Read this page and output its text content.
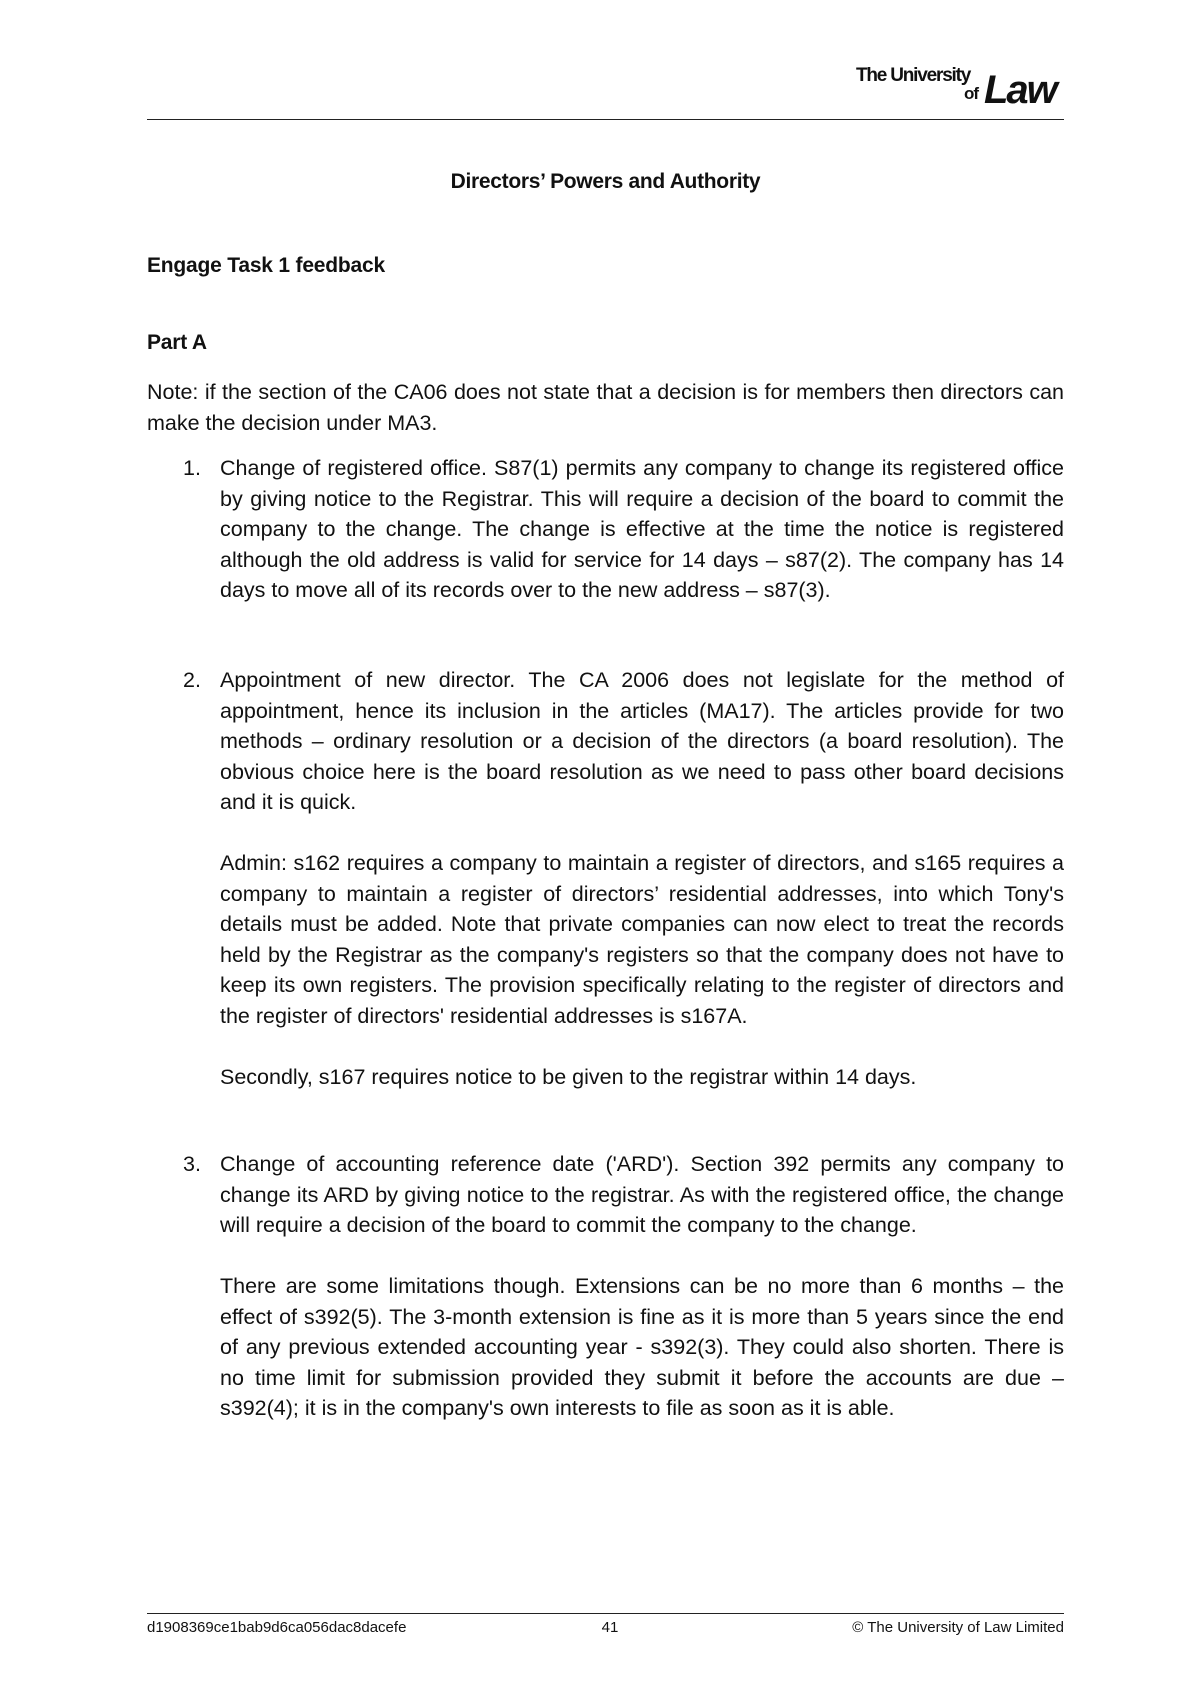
The University
of Law
Directors’ Powers and Authority
Engage Task 1 feedback
Part A
Note: if the section of the CA06 does not state that a decision is for members then directors can make the decision under MA3.
1. Change of registered office. S87(1) permits any company to change its registered office by giving notice to the Registrar. This will require a decision of the board to commit the company to the change. The change is effective at the time the notice is registered although the old address is valid for service for 14 days – s87(2). The company has 14 days to move all of its records over to the new address – s87(3).
2. Appointment of new director. The CA 2006 does not legislate for the method of appointment, hence its inclusion in the articles (MA17). The articles provide for two methods – ordinary resolution or a decision of the directors (a board resolution). The obvious choice here is the board resolution as we need to pass other board decisions and it is quick.
Admin: s162 requires a company to maintain a register of directors, and s165 requires a company to maintain a register of directors’ residential addresses, into which Tony's details must be added. Note that private companies can now elect to treat the records held by the Registrar as the company's registers so that the company does not have to keep its own registers. The provision specifically relating to the register of directors and the register of directors' residential addresses is s167A.
Secondly, s167 requires notice to be given to the registrar within 14 days.
3. Change of accounting reference date ('ARD'). Section 392 permits any company to change its ARD by giving notice to the registrar. As with the registered office, the change will require a decision of the board to commit the company to the change.
There are some limitations though. Extensions can be no more than 6 months – the effect of s392(5). The 3-month extension is fine as it is more than 5 years since the end of any previous extended accounting year - s392(3). They could also shorten. There is no time limit for submission provided they submit it before the accounts are due – s392(4); it is in the company's own interests to file as soon as it is able.
d1908369ce1bab9d6ca056dac8dacefe	41	© The University of Law Limited
